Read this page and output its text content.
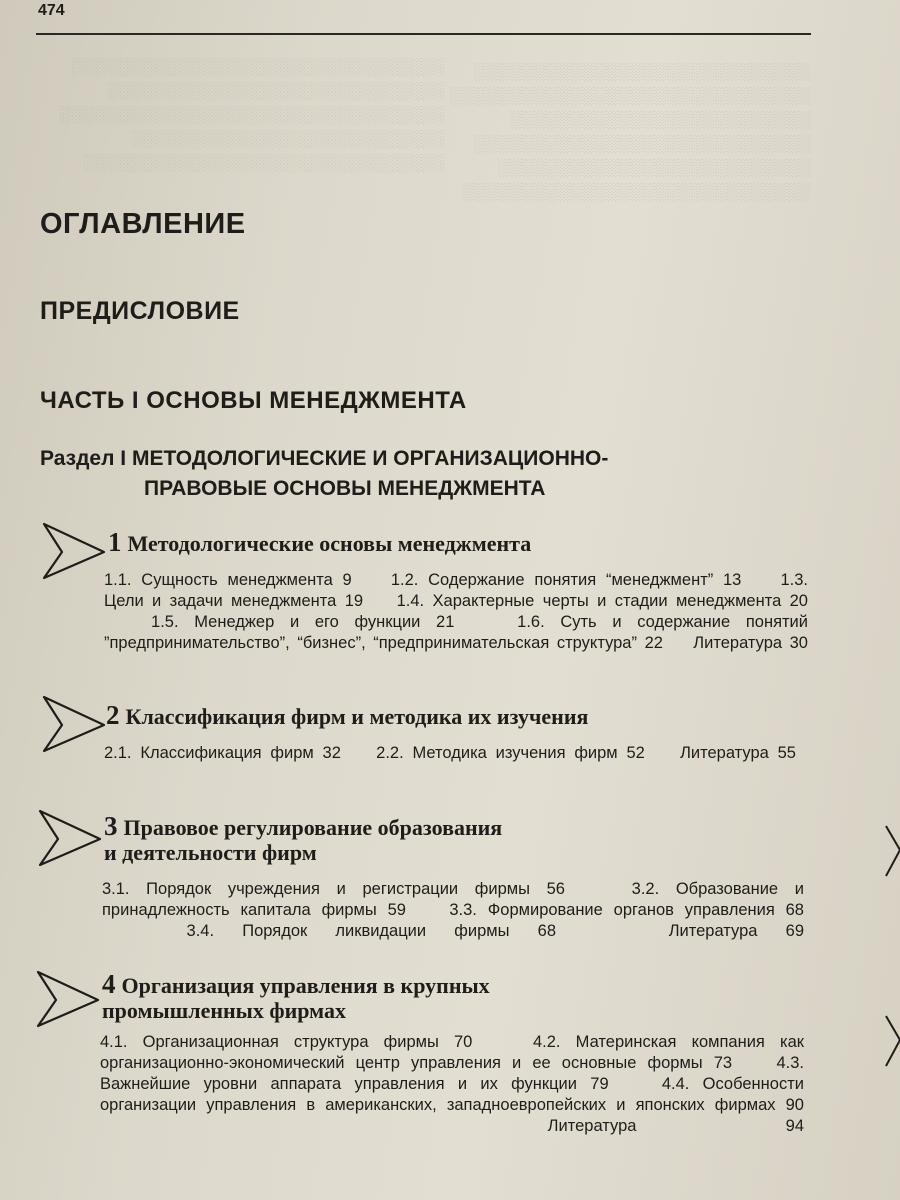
░░░░░░░░░░░░░░░░░░░░░░░░░░░░░░░
░░░░░░░░░░░░░░░░░░░░░░░░░░░░
░░░░░░░░░░░░░░░░░░░░░░░░░░░░░░░░
░░░░░░░░░░░░░░░░░░░░░░░░░░
░░░░░░░░░░░░░░░░░░░░░░░░░░░░░░
░░░░░░░░░░░░░░░░░░░░░░░░░░░░
░░░░░░░░░░░░░░░░░░░░░░░░░░░░░░
░░░░░░░░░░░░░░░░░░░░░░░░░
░░░░░░░░░░░░░░░░░░░░░░░░░░░░
░░░░░░░░░░░░░░░░░░░░░░░░░░
░░░░░░░░░░░░░░░░░░░░░░░░░░░░░
474
ОГЛАВЛЕНИЕ
ПРЕДИСЛОВИЕ
ЧАСТЬ I ОСНОВЫ МЕНЕДЖМЕНТА
Раздел I МЕТОДОЛОГИЧЕСКИЕ И ОРГАНИЗАЦИОННО-
ПРАВОВЫЕ ОСНОВЫ МЕНЕДЖМЕНТА
1 Методологические основы менеджмента
1.1. Сущность менеджмента 9 1.2. Содержание понятия “менеджмент” 13 1.3. Цели и задачи менеджмента 19 1.4. Характерные черты и стадии менеджмента 20 1.5. Менеджер и его функции 21	1.6. Суть и содержание понятий ”предпринимательство”, “бизнес”, “предпринимательская структура” 22 Литература 30
2 Классификация фирм и методика их изучения
2.1. Классификация фирм 32 2.2. Методика изучения фирм 52 Литература 55
3 Правовое регулирование образования
и деятельности фирм
3.1. Порядок учреждения и регистрации фирмы 56	3.2. Образование и принадлежность капитала фирмы 59	3.3. Формирование органов управления 68 3.4. Порядок ликвидации фирмы 68	Литература 69
4 Организация управления в крупных
промышленных фирмах
4.1. Организационная структура фирмы 70	4.2. Материнская компания как организационно-экономический центр управления и ее основные формы 73	4.3. Важнейшие уровни аппарата управления и их функции 79	4.4. Особенности организации управления в американских, западноевропейских и японских фирмах 90 Литература 94
